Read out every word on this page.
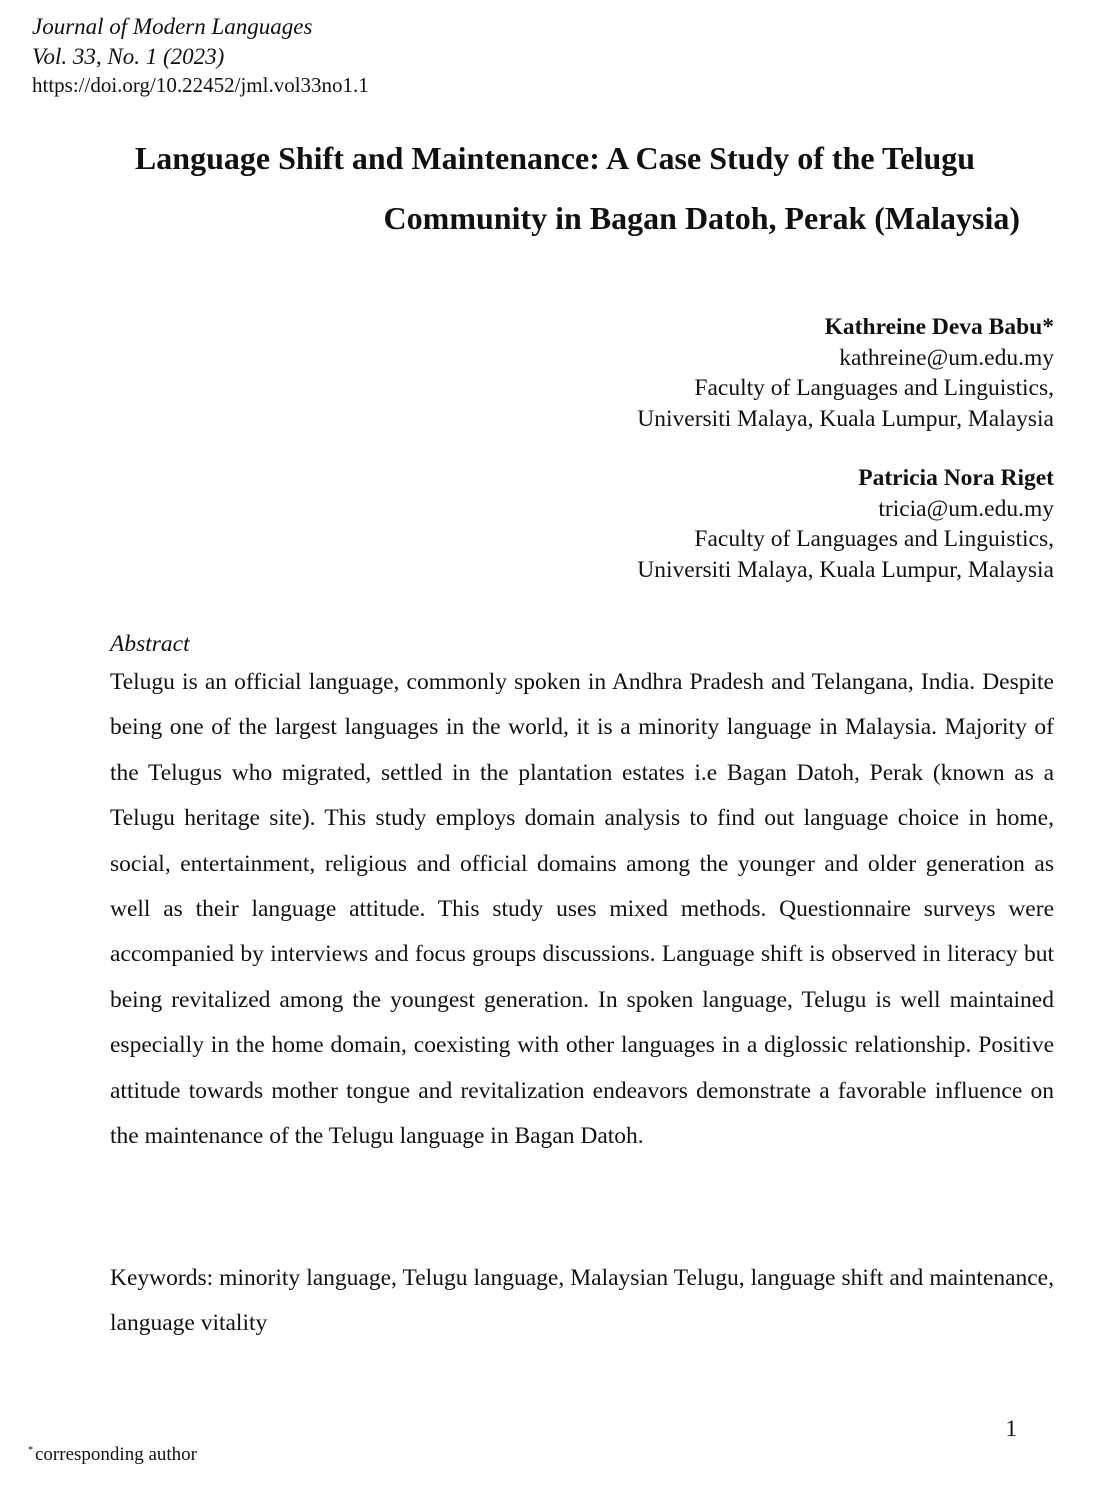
Journal of Modern Languages
Vol. 33, No. 1 (2023)
https://doi.org/10.22452/jml.vol33no1.1
Language Shift and Maintenance: A Case Study of the Telugu
Community in Bagan Datoh, Perak (Malaysia)
Kathreine Deva Babu*
kathreine@um.edu.my
Faculty of Languages and Linguistics,
Universiti Malaya, Kuala Lumpur, Malaysia
Patricia Nora Riget
tricia@um.edu.my
Faculty of Languages and Linguistics,
Universiti Malaya, Kuala Lumpur, Malaysia
Abstract

Telugu is an official language, commonly spoken in Andhra Pradesh and Telangana, India. Despite being one of the largest languages in the world, it is a minority language in Malaysia. Majority of the Telugus who migrated, settled in the plantation estates i.e Bagan Datoh, Perak (known as a Telugu heritage site). This study employs domain analysis to find out language choice in home, social, entertainment, religious and official domains among the younger and older generation as well as their language attitude. This study uses mixed methods. Questionnaire surveys were accompanied by interviews and focus groups discussions. Language shift is observed in literacy but being revitalized among the youngest generation. In spoken language, Telugu is well maintained especially in the home domain, coexisting with other languages in a diglossic relationship. Positive attitude towards mother tongue and revitalization endeavors demonstrate a favorable influence on the maintenance of the Telugu language in Bagan Datoh.

Keywords: minority language, Telugu language, Malaysian Telugu, language shift and maintenance, language vitality
1
* corresponding author
